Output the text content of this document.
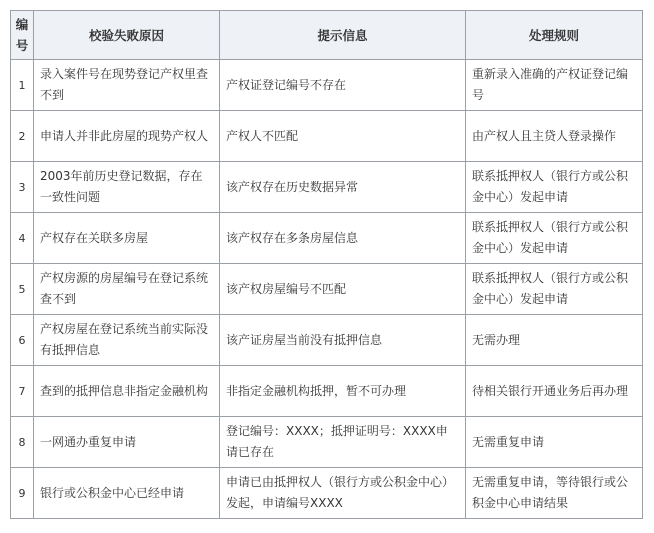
编号	校验失败原因	提示信息	处理规则
1	录入案件号在现势登记产权里查不到	产权证登记编号不存在	重新录入准确的产权证登记编号
2	申请人并非此房屋的现势产权人	产权人不匹配	由产权人且主贷人登录操作
3	2003年前历史登记数据，存在一致性问题	该产权存在历史数据异常	联系抵押权人（银行方或公积金中心）发起申请
4	产权存在关联多房屋	该产权存在多条房屋信息	联系抵押权人（银行方或公积金中心）发起申请
5	产权房源的房屋编号在登记系统查不到	该产权房屋编号不匹配	联系抵押权人（银行方或公积金中心）发起申请
6	产权房屋在登记系统当前实际没有抵押信息	该产证房屋当前没有抵押信息	无需办理
7	查到的抵押信息非指定金融机构	非指定金融机构抵押，暂不可办理	待相关银行开通业务后再办理
8	一网通办重复申请	登记编号：XXXX；抵押证明号：XXXX申请已存在	无需重复申请
9	银行或公积金中心已经申请	申请已由抵押权人（银行方或公积金中心）发起，申请编号XXXX	无需重复申请，等待银行或公积金中心申请结果
